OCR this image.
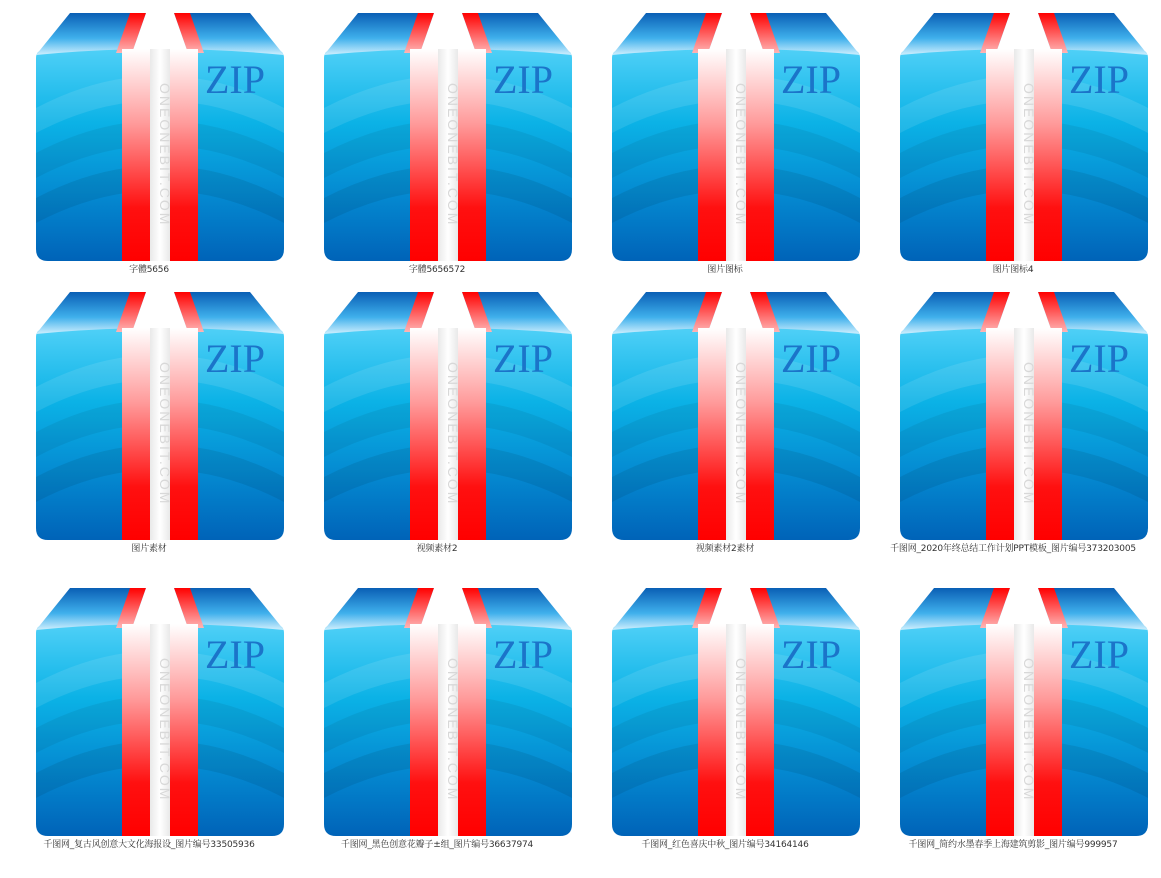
ONEONEBIT.COM
ZIP
字體5656
ONEONEBIT.COM
ZIP
字體5656572
ONEONEBIT.COM
ZIP
图片图标
ONEONEBIT.COM
ZIP
图片图标4
ONEONEBIT.COM
ZIP
图片素材
ONEONEBIT.COM
ZIP
视频素材2
ONEONEBIT.COM
ZIP
视频素材2素材
ONEONEBIT.COM
ZIP
千图网_2020年终总结工作计划PPT模板_图片编号373203005
ONEONEBIT.COM
ZIP
千图网_复古风创意大文化海报设_图片编号33505936
ONEONEBIT.COM
ZIP
千图网_黑色创意花瓣子±组_图片编号36637974
ONEONEBIT.COM
ZIP
千图网_红色喜庆中秋_图片编号34164146
ONEONEBIT.COM
ZIP
千图网_简约水墨春季上海建筑剪影_图片编号999957
